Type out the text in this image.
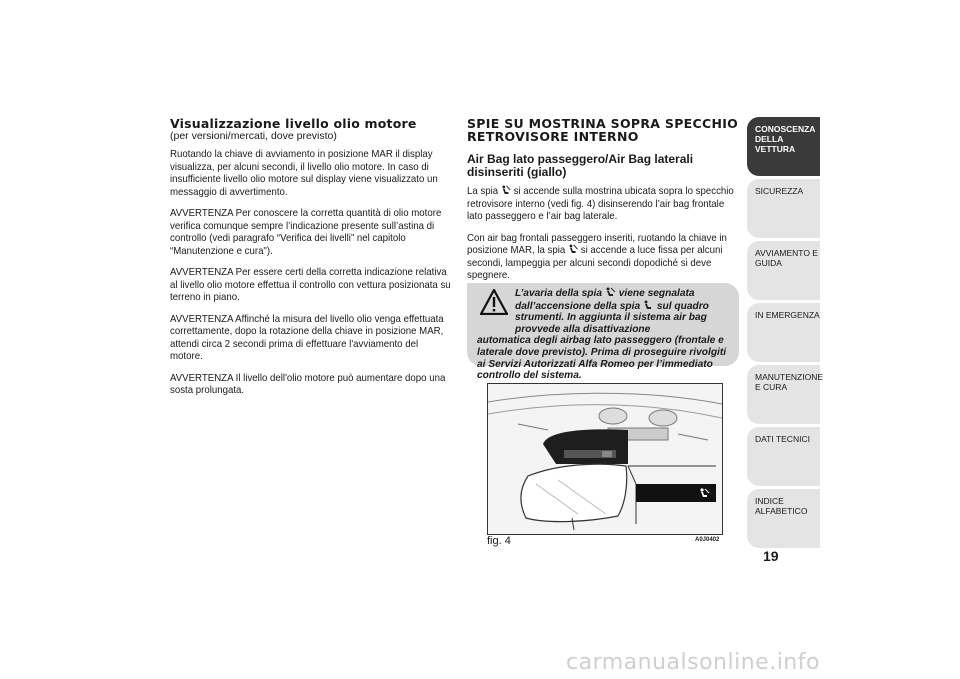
Visualizzazione livello olio motore
(per versioni/mercati, dove previsto)

Ruotando la chiave di avviamento in posizione MAR il display visualizza, per alcuni secondi, il livello olio motore. In caso di insufficiente livello olio motore sul display viene visualizzato un messaggio di avvertimento.

AVVERTENZA Per conoscere la corretta quantità di olio motore verifica comunque sempre l’indicazione presente sull’astina di controllo (vedi paragrafo “Verifica dei livelli” nel capitolo “Manutenzione e cura").

AVVERTENZA Per essere certi della corretta indicazione relativa al livello olio motore effettua il controllo con vettura posizionata su terreno in piano.

AVVERTENZA Affinché la misura del livello olio venga effettuata correttamente, dopo la rotazione della chiave in posizione MAR, attendi circa 2 secondi prima di effettuare l'avviamento del motore.

AVVERTENZA Il livello dell'olio motore può aumentare dopo una sosta prolungata.

SPIE SU MOSTRINA SOPRA SPECCHIO RETROVISORE INTERNO
Air Bag lato passeggero/Air Bag laterali disinseriti (giallo)

La spia si accende sulla mostrina ubicata sopra lo specchio retrovisore interno (vedi fig. 4) disinserendo l’air bag frontale lato passeggero e l’air bag laterale.

Con air bag frontali passeggero inseriti, ruotando la chiave in posizione MAR, la spia si accende a luce fissa per alcuni secondi, lampeggia per alcuni secondi dopodiché si deve spegnere.

L’avaria della spia viene segnalata dall’accensione della spia sul quadro strumenti. In aggiunta il sistema air bag provvede alla disattivazione
automatica degli airbag lato passeggero (frontale e laterale dove previsto). Prima di proseguire rivolgiti ai Servizi Autorizzati Alfa Romeo per l’immediato controllo del sistema.
fig. 4	A0J0402
CONOSCENZA DELLA VETTURA
SICUREZZA
AVVIAMENTO E GUIDA
IN EMERGENZA
MANUTENZIONE E CURA
DATI TECNICI
INDICE ALFABETICO
19
carmanualsonline.info
